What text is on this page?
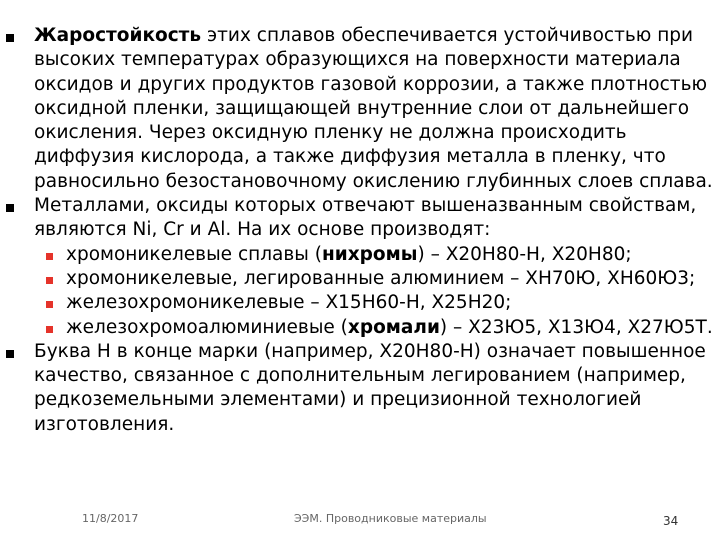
Жаростойкость этих сплавов обеспечивается устойчивостью при высоких температурах образующихся на поверхности материала оксидов и других продуктов газовой коррозии, а также плотностью оксидной пленки, защищающей внутренние слои от дальнейшего окисления. Через оксидную пленку не должна происходить диффузия кислорода, а также диффузия металла в пленку, что равносильно безостановочному окислению глубинных слоев сплава.
Металлами, оксиды которых отвечают вышеназванным свойствам, являются Ni, Cr и Al. На их основе производят:
хромоникелевые сплавы (нихромы) – Х20Н80-Н, Х20Н80;
хромоникелевые, легированные алюминием – ХН70Ю, ХН60Ю3;
железохромоникелевые – Х15Н60-Н, Х25Н20;
железохромоалюминиевые (хромали) – Х23Ю5, Х13Ю4, Х27Ю5Т.
Буква Н в конце марки (например, Х20Н80-Н) означает повышенное качество, связанное с дополнительным легированием (например, редкоземельными элементами) и прецизионной технологией изготовления.
11/8/2017	ЭЭМ. Проводниковые материалы	34
